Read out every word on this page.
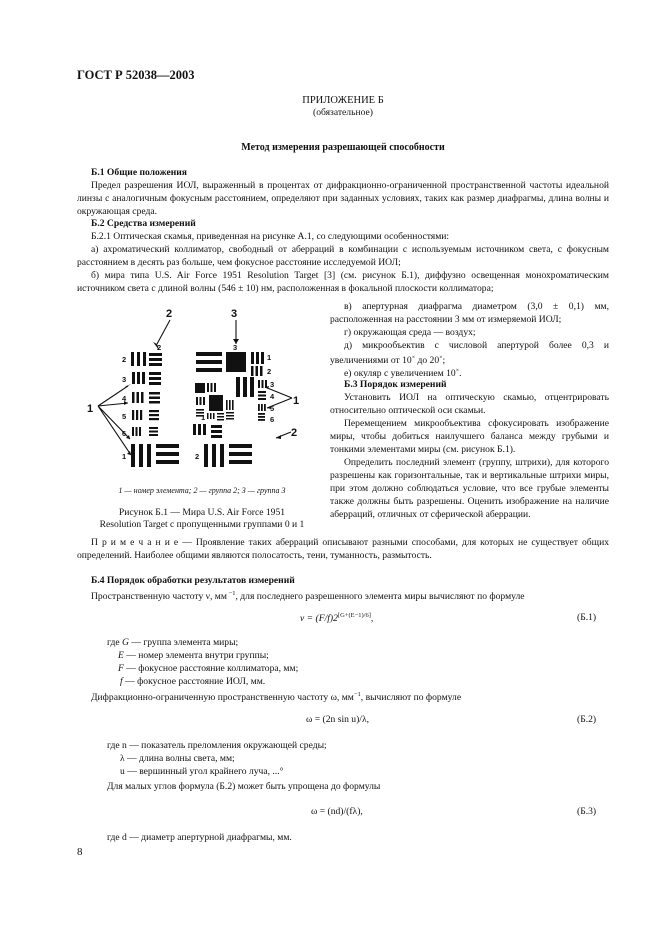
ГОСТ Р 52038—2003
ПРИЛОЖЕНИЕ Б
(обязательное)
Метод измерения разрешающей способности
Б.1 Общие положения
Предел разрешения ИОЛ, выраженный в процентах от дифракционно-ограниченной пространственной частоты идеальной линзы с аналогичным фокусным расстоянием, определяют при заданных условиях, таких как размер диафрагмы, длина волны и окружающая среда.
Б.2 Средства измерений
Б.2.1 Оптическая скамья, приведенная на рисунке А.1, со следующими особенностями:
а) ахроматический коллиматор, свободный от аберраций в комбинации с используемым источником света, с фокусным расстоянием в десять раз больше, чем фокусное расстояние исследуемой ИОЛ;
б) мира типа U.S. Air Force 1951 Resolution Target [3] (см. рисунок Б.1), диффузно освещенная монохроматическим источником света с длиной волны (546 ± 10) нм, расположенная в фокальной плоскости коллиматора;
в) апертурная диафрагма диаметром (3,0 ± 0,1) мм, расположенная на расстоянии 3 мм от измеряемой ИОЛ;
г) окружающая среда — воздух;
д) микрообъектив с числовой апертурой более 0,3 и увеличениями от 10× до 20×;
е) окуляр с увеличением 10×.
Б.3 Порядок измерений
Установить ИОЛ на оптическую скамью, отцентрировать относительно оптической оси скамьи.
Перемещением микрообъектива сфокусировать изображение миры, чтобы добиться наилучшего баланса между грубыми и тонкими элементами миры (см. рисунок Б.1).
Определить последний элемент (группу, штрихи), для которого разрешены как горизонтальные, так и вертикальные штрихи миры, при этом должно соблюдаться условие, что все грубые элементы также должны быть разрешены. Оценить изображение на наличие аберраций, отличных от сферической аберрации.
2	3
1
1
2
2	3
2
3
4
5
6
1
1
2
1
2
3
4
5
6
1 — номер элемента; 2 — группа 2; 3 — группа 3
Рисунок Б.1 — Мира U.S. Air Force 1951
Resolution Target с пропущенными группами 0 и 1
П р и м е ч а н и е — Проявление таких аберраций описывают разными способами, для которых не существует общих определений. Наиболее общими являются полосатость, тени, туманность, размытость.
Б.4 Порядок обработки результатов измерений
Пространственную частоту ν, мм $^{-1}$, для последнего разрешенного элемента миры вычисляют по формуле
ν = (F/f)2[G+(E−1)/6],	(Б.1)
где G — группа элемента миры;
E — номер элемента внутри группы;
F — фокусное расстояние коллиматора, мм;
f — фокусное расстояние ИОЛ, мм.
Дифракционно-ограниченную пространственную частоту ω, $мм^{-1}$, вычисляют по формуле
ω = (2n sin u)/λ,	(Б.2)
где n — показатель преломления окружающей среды;
λ — длина волны света, мм;
u — вершинный угол крайнего луча, ...°
Для малых углов формула (Б.2) может быть упрощена до формулы
ω = (nd)/(fλ),	(Б.3)
где d — диаметр апертурной диафрагмы, мм.
8
